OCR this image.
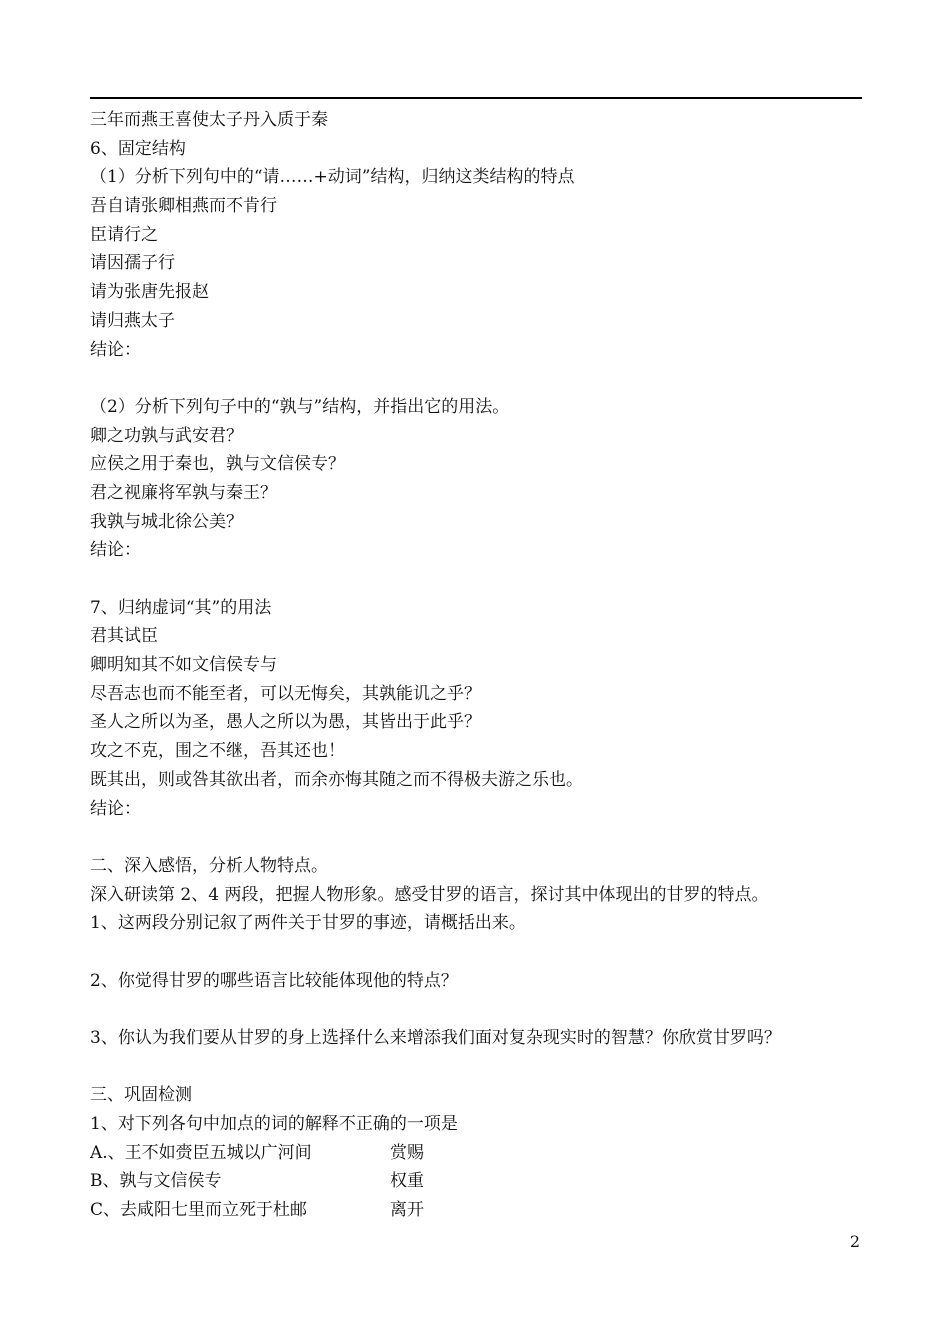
三年而燕王喜使太子丹入质于秦
6、固定结构
（1）分析下列句中的“请……+动词”结构，归纳这类结构的特点
吾自请张卿相燕而不肯行
臣请行之
请因孺子行
请为张唐先报赵
请归燕太子
结论：
（2）分析下列句子中的“孰与”结构，并指出它的用法。
卿之功孰与武安君？
应侯之用于秦也，孰与文信侯专？
君之视廉将军孰与秦王？
我孰与城北徐公美？
结论：
7、归纳虚词“其”的用法
君其试臣
卿明知其不如文信侯专与
尽吾志也而不能至者，可以无悔矣，其孰能讥之乎？
圣人之所以为圣，愚人之所以为愚，其皆出于此乎？
攻之不克，围之不继，吾其还也！
既其出，则或咎其欲出者，而余亦悔其随之而不得极夫游之乐也。
结论：
二、深入感悟，分析人物特点。
深入研读第 2、4 两段，把握人物形象。感受甘罗的语言，探讨其中体现出的甘罗的特点。
1、这两段分别记叙了两件关于甘罗的事迹，请概括出来。
2、你觉得甘罗的哪些语言比较能体现他的特点？
3、你认为我们要从甘罗的身上选择什么来增添我们面对复杂现实时的智慧？你欣赏甘罗吗？
三、巩固检测
1、对下列各句中加点的词的解释不正确的一项是
A.、王不如赍臣五城以广河间	赏赐
B、孰与文信侯专	权重
C、去咸阳七里而立死于杜邮	离开
2
